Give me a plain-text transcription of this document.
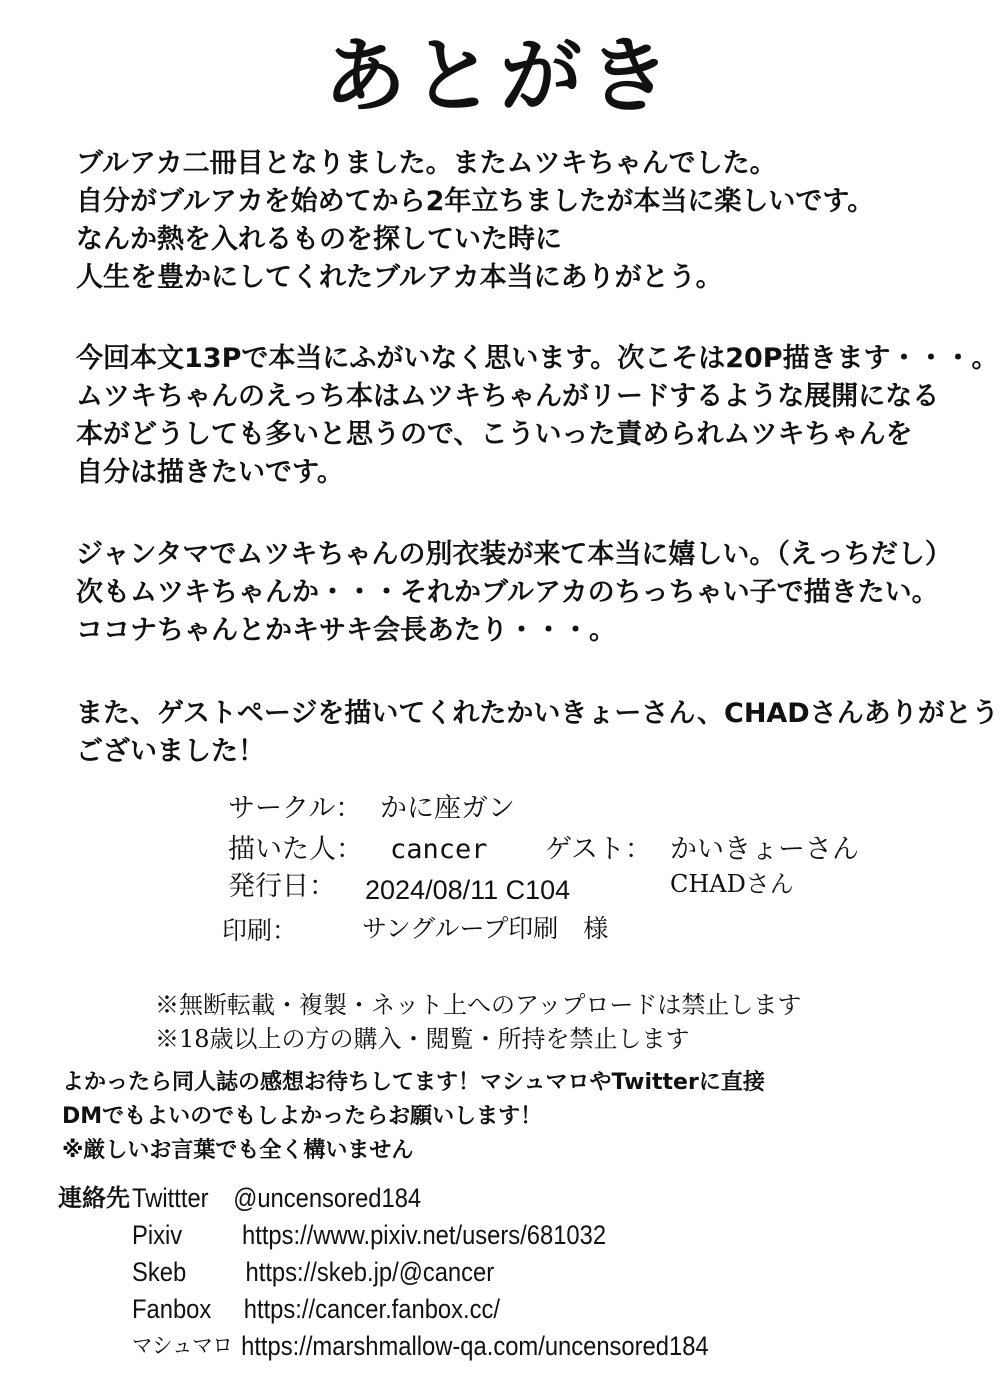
あとがき
ブルアカ二冊目となりました。またムツキちゃんでした。
自分がブルアカを始めてから2年立ちましたが本当に楽しいです。
なんか熱を入れるものを探していた時に
人生を豊かにしてくれたブルアカ本当にありがとう。
今回本文13Pで本当にふがいなく思います。次こそは20P描きます・・・。
ムツキちゃんのえっち本はムツキちゃんがリードするような展開になる
本がどうしても多いと思うので、こういった責められムツキちゃんを
自分は描きたいです。
ジャンタマでムツキちゃんの別衣装が来て本当に嬉しい。（えっちだし）
次もムツキちゃんか・・・それかブルアカのちっちゃい子で描きたい。
ココナちゃんとかキサキ会長あたり・・・。
また、ゲストページを描いてくれたかいきょーさん、CHADさんありがとう
ございました！
サークル： かに座ガン
描いた人： cancer ゲスト： かいきょーさん
CHADさん
発行日： 2024/08/11 C104
印刷：	サングループ印刷　様
※無断転載・複製・ネット上へのアップロードは禁止します
※18歳以上の方の購入・閲覧・所持を禁止します
よかったら同人誌の感想お待ちしてます！マシュマロやTwitterに直接
DMでもよいのでもしよかったらお願いします！
※厳しいお言葉でも全く構いません
連絡先 Twittter @uncensored184
Pixiv https://www.pixiv.net/users/681032
Skeb https://skeb.jp/@cancer
Fanbox https://cancer.fanbox.cc/
マシュマロ https://marshmallow-qa.com/uncensored184
